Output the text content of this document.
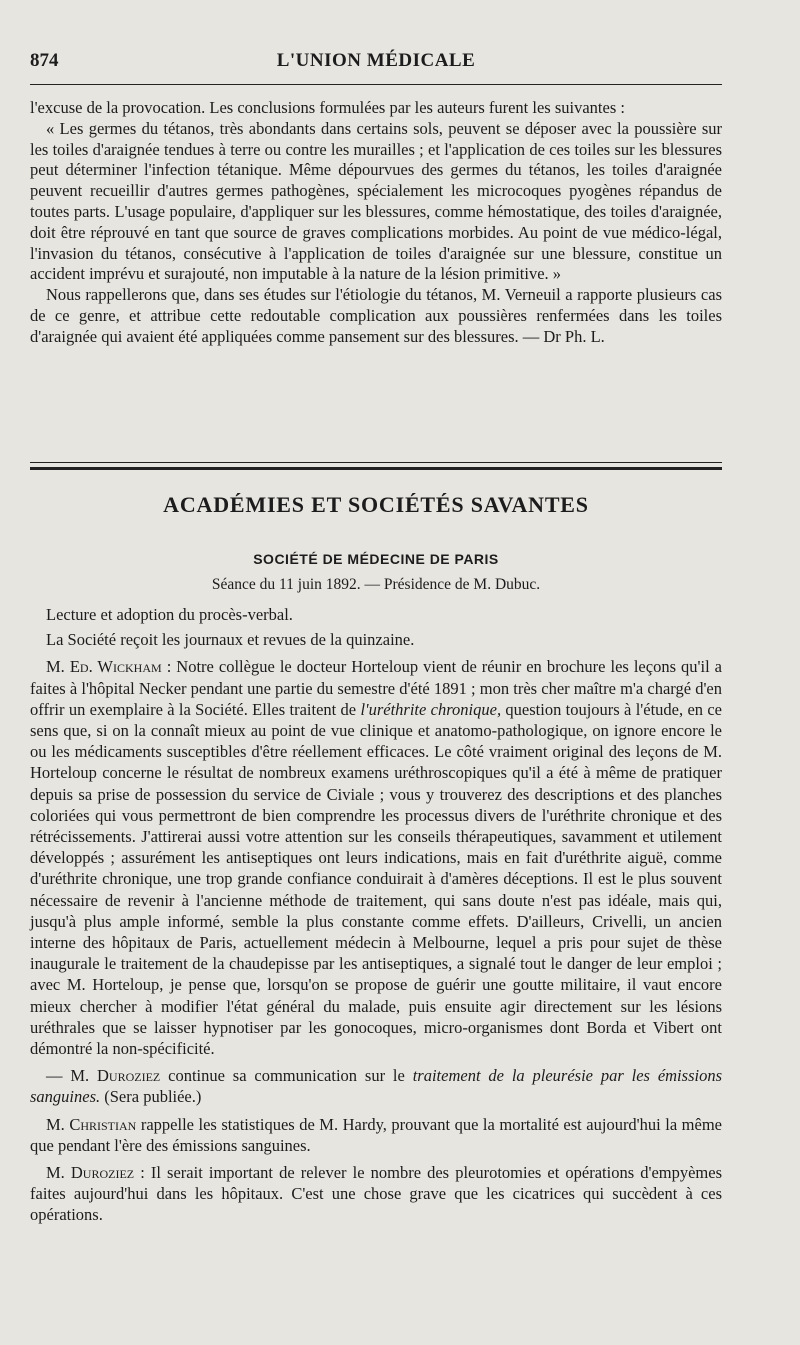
874	L'UNION MÉDICALE

l'excuse de la provocation. Les conclusions formulées par les auteurs furent les suivantes :

« Les germes du tétanos, très abondants dans certains sols, peuvent se déposer avec la poussière sur les toiles d'araignée tendues à terre ou contre les murailles ; et l'application de ces toiles sur les blessures peut déterminer l'infection tétanique. Même dépourvues des germes du tétanos, les toiles d'araignée peuvent recueillir d'autres germes pathogènes, spécialement les microcoques pyogènes répandus de toutes parts. L'usage populaire, d'appliquer sur les blessures, comme hémostatique, des toiles d'araignée, doit être réprouvé en tant que source de graves complications morbides. Au point de vue médico-légal, l'invasion du tétanos, consécutive à l'application de toiles d'araignée sur une blessure, constitue un accident imprévu et surajouté, non imputable à la nature de la lésion primitive. »

Nous rappellerons que, dans ses études sur l'étiologie du tétanos, M. Verneuil a rapporte plusieurs cas de ce genre, et attribue cette redoutable complication aux poussières renfermées dans les toiles d'araignée qui avaient été appliquées comme pansement sur des blessures. — Dr Ph. L.

ACADÉMIES ET SOCIÉTÉS SAVANTES
SOCIÉTÉ DE MÉDECINE DE PARIS
Séance du 11 juin 1892. — Présidence de M. Dubuc.

Lecture et adoption du procès-verbal.

La Société reçoit les journaux et revues de la quinzaine.

M. Ed. Wickham : Notre collègue le docteur Horteloup vient de réunir en brochure les leçons qu'il a faites à l'hôpital Necker pendant une partie du semestre d'été 1891 ; mon très cher maître m'a chargé d'en offrir un exemplaire à la Société. Elles traitent de l'uréthrite chronique, question toujours à l'étude, en ce sens que, si on la connaît mieux au point de vue clinique et anatomo-pathologique, on ignore encore le ou les médicaments susceptibles d'être réellement efficaces. Le côté vraiment original des leçons de M. Horteloup concerne le résultat de nombreux examens uréthroscopiques qu'il a été à même de pratiquer depuis sa prise de possession du service de Civiale ; vous y trouverez des descriptions et des planches coloriées qui vous permettront de bien comprendre les processus divers de l'uréthrite chronique et des rétrécissements. J'attirerai aussi votre attention sur les conseils thérapeutiques, savamment et utilement développés ; assurément les antiseptiques ont leurs indications, mais en fait d'uréthrite aiguë, comme d'uréthrite chronique, une trop grande confiance conduirait à d'amères déceptions. Il est le plus souvent nécessaire de revenir à l'ancienne méthode de traitement, qui sans doute n'est pas idéale, mais qui, jusqu'à plus ample informé, semble la plus constante comme effets. D'ailleurs, Crivelli, un ancien interne des hôpitaux de Paris, actuellement médecin à Melbourne, lequel a pris pour sujet de thèse inaugurale le traitement de la chaudepisse par les antiseptiques, a signalé tout le danger de leur emploi ; avec M. Horteloup, je pense que, lorsqu'on se propose de guérir une goutte militaire, il vaut encore mieux chercher à modifier l'état général du malade, puis ensuite agir directement sur les lésions uréthrales que se laisser hypnotiser par les gonocoques, micro-organismes dont Borda et Vibert ont démontré la non-spécificité.

— M. Duroziez continue sa communication sur le traitement de la pleurésie par les émissions sanguines. (Sera publiée.)

M. Christian rappelle les statistiques de M. Hardy, prouvant que la mortalité est aujourd'hui la même que pendant l'ère des émissions sanguines.

M. Duroziez : Il serait important de relever le nombre des pleurotomies et opérations d'empyèmes faites aujourd'hui dans les hôpitaux. C'est une chose grave que les cicatrices qui succèdent à ces opérations.
